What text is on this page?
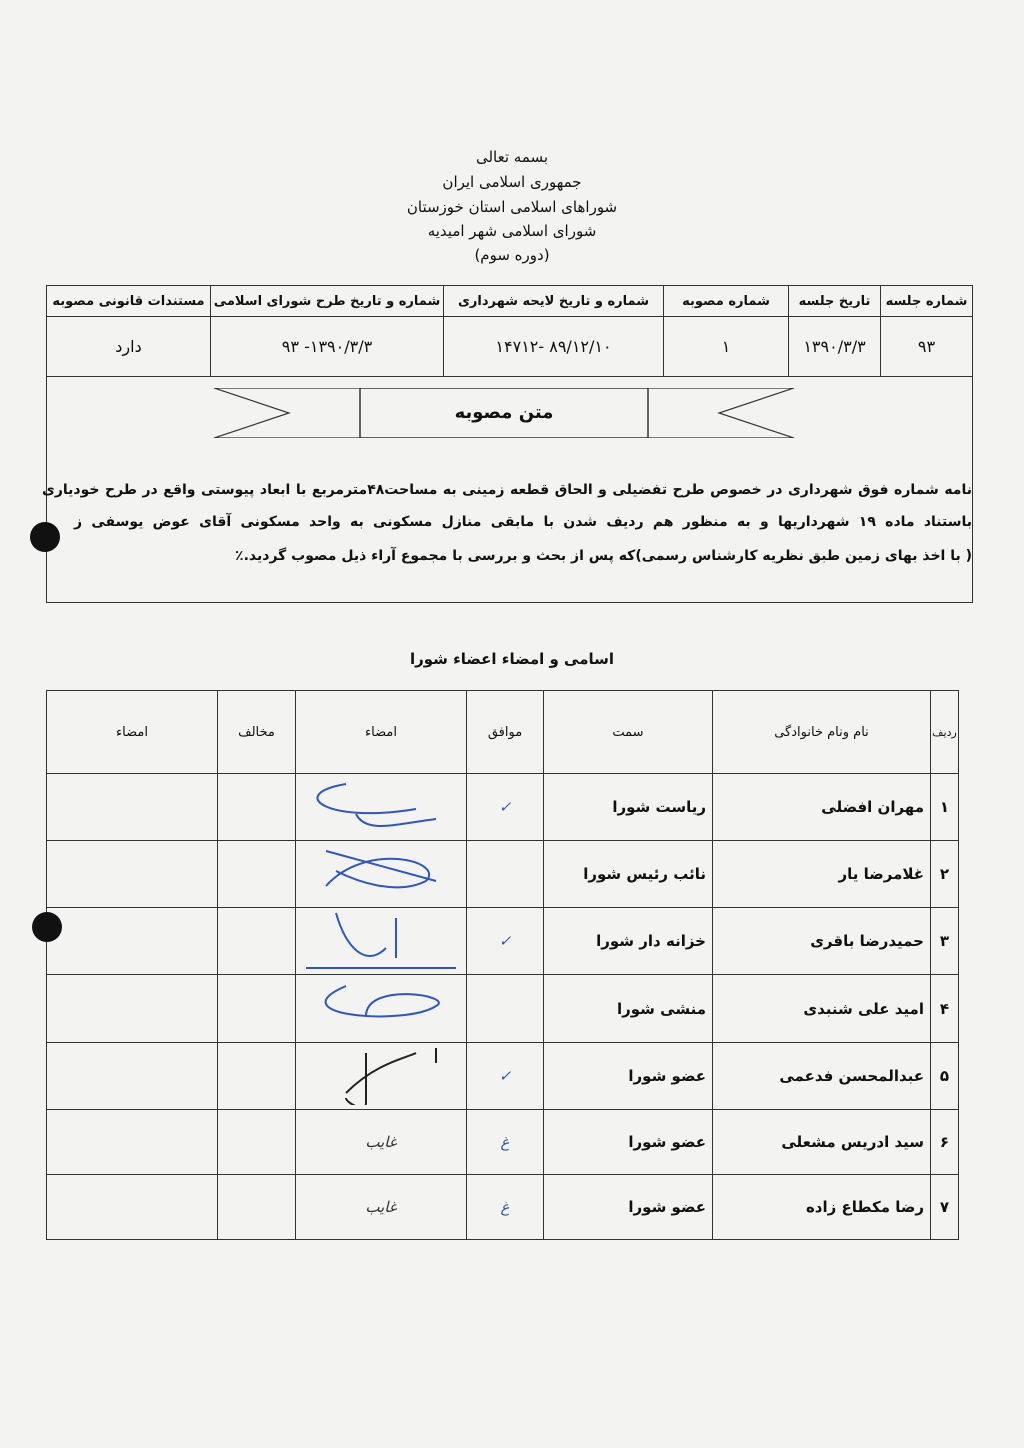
بسمه تعالی
جمهوری اسلامی ایران
شوراهای اسلامی استان خوزستان
شورای اسلامی شهر امیدیه
(دوره سوم)
شماره جلسه	تاریخ جلسه	شماره مصوبه	شماره و تاریخ لایحه شهرداری	شماره و تاریخ طرح شورای اسلامی	مستندات قانونی مصوبه
۹۳	۱۳۹۰/۳/۳	۱	۸۹/۱۲/۱۰ -۱۴۷۱۲	۱۳۹۰/۳/۳- ۹۳	دارد
متن مصوبه
نامه شماره فوق شهرداری در خصوص طرح تفضیلی و الحاق قطعه زمینی به مساحت۴۸مترمربع با ابعاد پیوستی واقع در طرح خودیاری
باستناد ماده ۱۹ شهرداریها و به منظور هم ردیف شدن با مابقی منازل مسکونی به واحد مسکونی آقای عوض یوسفی ز
( با اخذ بهای زمین طبق نظریه کارشناس رسمی)که پس از بحث و بررسی با مجموع آراء ذیل مصوب گردید.٪
اسامی و امضاء اعضاء شورا
ردیف	نام ونام خانوادگی	سمت	موافق	امضاء	مخالف	امضاء
۱	مهران افضلی	ریاست شورا	✓			
۲	غلامرضا یار	نائب رئیس شورا				
۳	حمیدرضا باقری	خزانه دار شورا	✓			
۴	امید علی شنبدی	منشی شورا				
۵	عبدالمحسن فدعمی	عضو شورا	✓			
۶	سید ادریس مشعلی	عضو شورا	غ	غایب		
۷	رضا مکطاع زاده	عضو شورا	غ	غایب		
